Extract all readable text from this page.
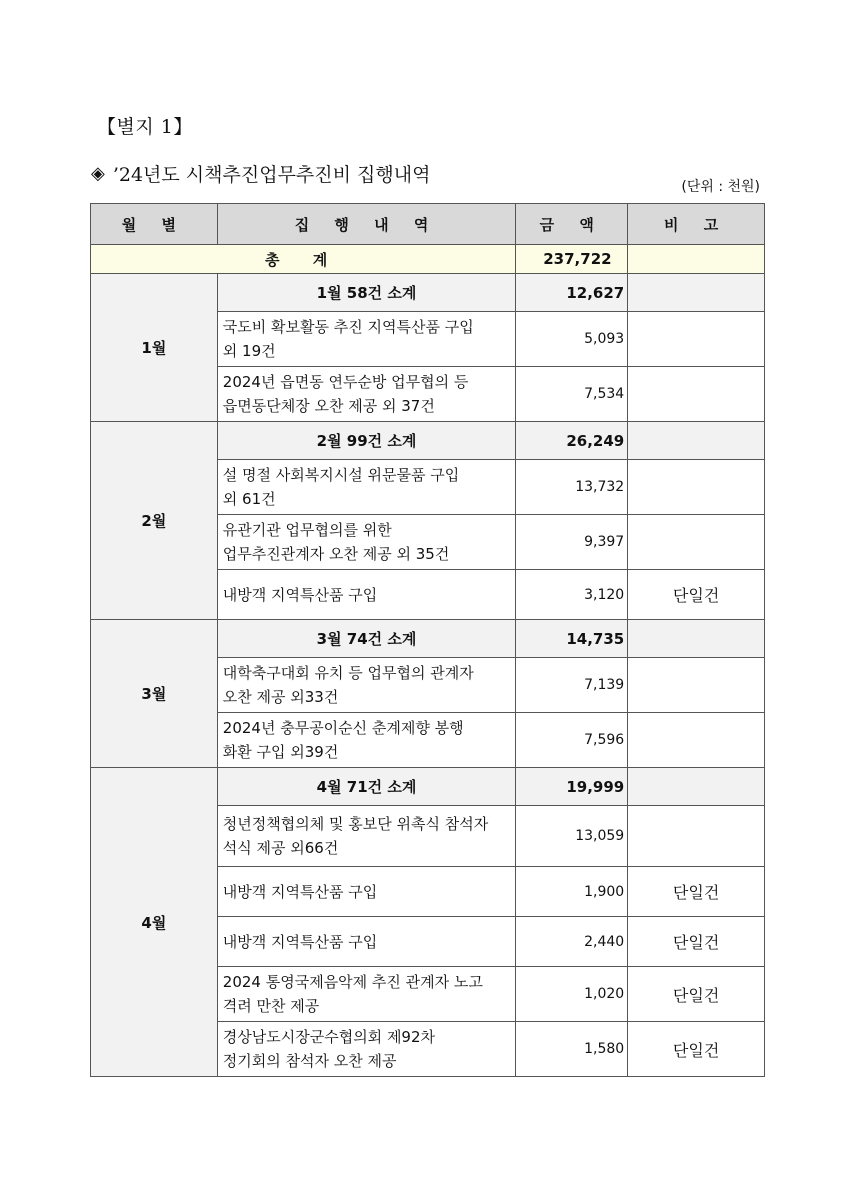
【별지 1】
◈ ’24년도 시책추진업무추진비 집행내역
(단위 : 천원)
월 별	집 행 내 역	금 액	비 고
총 계		237,722	
1월	1월 58건 소계	12,627	
	국도비 확보활동 추진 지역특산품 구입
외 19건	5,093	
	2024년 읍면동 연두순방 업무협의 등
읍면동단체장 오찬 제공 외 37건	7,534	
2월	2월 99건 소계	26,249	
	설 명절 사회복지시설 위문물품 구입
외 61건	13,732	
	유관기관 업무협의를 위한
업무추진관계자 오찬 제공 외 35건	9,397	
	내방객 지역특산품 구입	3,120	단일건
3월	3월 74건 소계	14,735	
	대학축구대회 유치 등 업무협의 관계자
오찬 제공 외33건	7,139	
	2024년 충무공이순신 춘계제향 봉행
화환 구입 외39건	7,596	
4월	4월 71건 소계	19,999	
	청년정책협의체 및 홍보단 위촉식 참석자
석식 제공 외66건	13,059	
	내방객 지역특산품 구입	1,900	단일건
	내방객 지역특산품 구입	2,440	단일건
	2024 통영국제음악제 추진 관계자 노고
격려 만찬 제공	1,020	단일건
	경상남도시장군수협의회 제92차
정기회의 참석자 오찬 제공	1,580	단일건
